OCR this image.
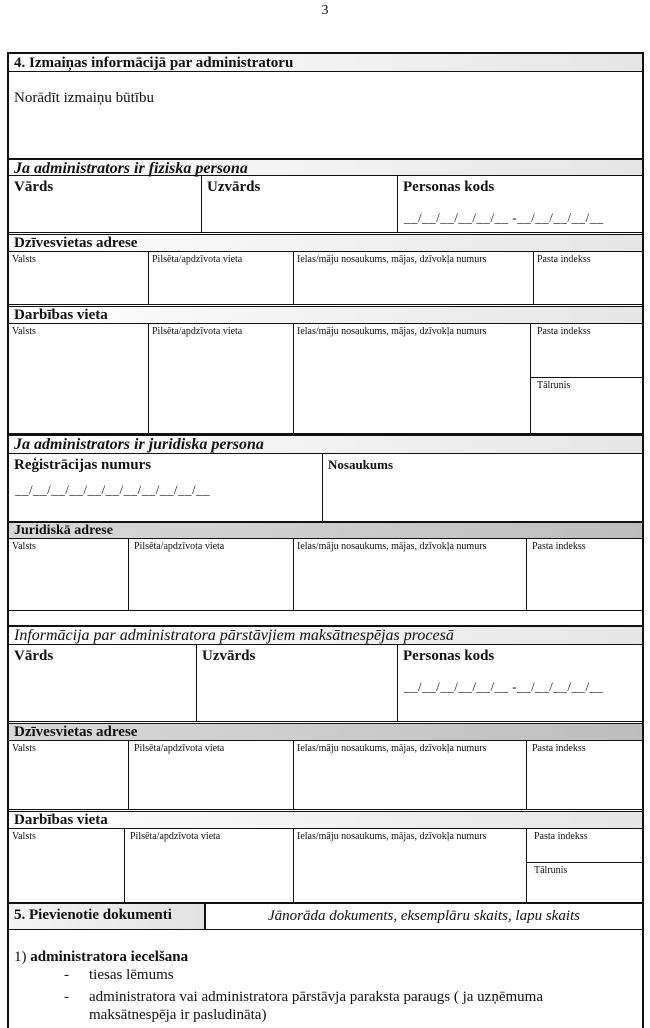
3
4. Izmaiņas informācijā par administratoru
Norādīt izmaiņu būtību
Ja administrators ir fiziska persona
Vārds	Uzvārds	Personas kods
__/__/__/__/__/__ -__/__/__/__/__
Dzīvesvietas adrese
Valsts	Pilsēta/apdzīvota vieta	Ielas/māju nosaukums, mājas, dzīvokļa numurs	Pasta indekss
Darbības vieta
Valsts	Pilsēta/apdzīvota vieta	Ielas/māju nosaukums, mājas, dzīvokļa numurs	Pasta indekss
Tālrunis
Ja administrators ir juridiska persona
Reģistrācijas numurs
__/__/__/__/__/__/__/__/__/__/__
Nosaukums
Juridiskā adrese
Valsts	Pilsēta/apdzīvota vieta	Ielas/māju nosaukums, mājas, dzīvokļa numurs	Pasta indekss
Informācija par administratora pārstāvjiem maksātnespējas procesā
Vārds	Uzvārds	Personas kods
__/__/__/__/__/__ -__/__/__/__/__
Dzīvesvietas adrese
Valsts	Pilsēta/apdzīvota vieta	Ielas/māju nosaukums, mājas, dzīvokļa numurs	Pasta indekss
Darbības vieta
Valsts	Pilsēta/apdzīvota vieta	Ielas/māju nosaukums, mājas, dzīvokļa numurs	Pasta indekss
Tālrunis
5. Pievienotie dokumenti	Jānorāda dokuments, eksemplāru skaits, lapu skaits
1) administratora iecelšana
- tiesas lēmums
- administratora vai administratora pārstāvja paraksta paraugs ( ja uzņēmuma
maksātnespēja ir pasludināta)
